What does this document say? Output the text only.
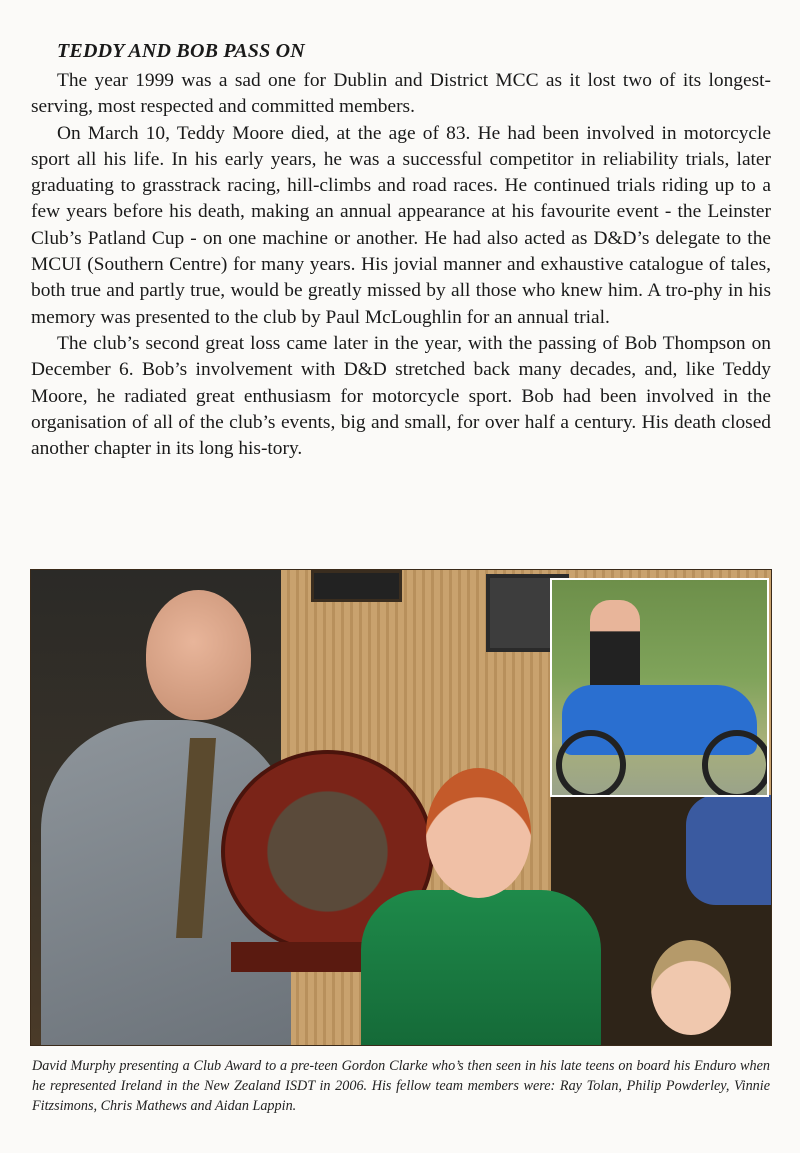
TEDDY AND BOB PASS ON

The year 1999 was a sad one for Dublin and District MCC as it lost two of its longest-serving, most respected and committed members.

On March 10, Teddy Moore died, at the age of 83. He had been involved in motorcycle sport all his life. In his early years, he was a successful competitor in reliability trials, later graduating to grasstrack racing, hill-climbs and road races. He continued trials riding up to a few years before his death, making an annual appearance at his favourite event - the Leinster Club’s Patland Cup - on one machine or another. He had also acted as D&D’s delegate to the MCUI (Southern Centre) for many years. His jovial manner and exhaustive catalogue of tales, both true and partly true, would be greatly missed by all those who knew him. A tro-phy in his memory was presented to the club by Paul McLoughlin for an annual trial.

The club’s second great loss came later in the year, with the passing of Bob Thompson on December 6. Bob’s involvement with D&D stretched back many decades, and, like Teddy Moore, he radiated great enthusiasm for motorcycle sport. Bob had been involved in the organisation of all of the club’s events, big and small, for over half a century. His death closed another chapter in its long his-tory.

David Murphy presenting a Club Award to a pre-teen Gordon Clarke who’s then seen in his late teens on board his Enduro when he represented Ireland in the New Zealand ISDT in 2006. His fellow team members were: Ray Tolan, Philip Powderley, Vinnie Fitzsimons, Chris Mathews and Aidan Lappin.
